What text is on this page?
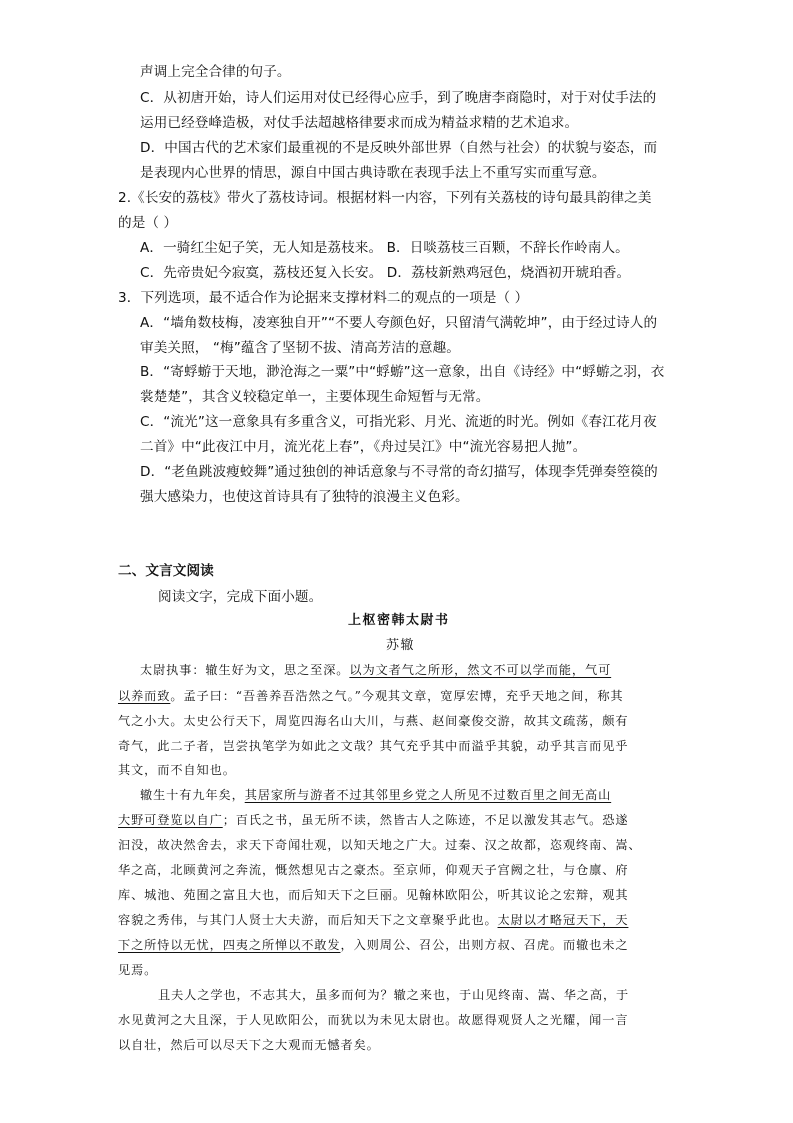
声调上完全合律的句子。
C．从初唐开始，诗人们运用对仗已经得心应手，到了晚唐李商隐时，对于对仗手法的
运用已经登峰造极，对仗手法超越格律要求而成为精益求精的艺术追求。
D．中国古代的艺术家们最重视的不是反映外部世界（自然与社会）的状貌与姿态，而
是表现内心世界的情思，源自中国古典诗歌在表现手法上不重写实而重写意。
2.《长安的荔枝》带火了荔枝诗词。根据材料一内容，下列有关荔枝的诗句最具韵律之美
的是（ ）
A．一骑红尘妃子笑，无人知是荔枝来。 B．日啖荔枝三百颗，不辞长作岭南人。
C．先帝贵妃今寂寞，荔枝还复入长安。 D．荔枝新熟鸡冠色，烧酒初开琥珀香。
3．下列选项，最不适合作为论据来支撑材料二的观点的一项是（ ）
A．“墙角数枝梅，凌寒独自开”“不要人夸颜色好，只留清气满乾坤”，由于经过诗人的
审美关照， “梅”蕴含了坚韧不拔、清高芳洁的意趣。
B．“寄蜉蝣于天地，渺沧海之一粟”中“蜉蝣”这一意象，出自《诗经》中“蜉蝣之羽，衣
裳楚楚”，其含义较稳定单一，主要体现生命短暂与无常。
C．“流光”这一意象具有多重含义，可指光彩、月光、流逝的时光。例如《春江花月夜
二首》中“此夜江中月，流光花上春”，《舟过吴江》中“流光容易把人抛”。
D．“老鱼跳波瘦蛟舞”通过独创的神话意象与不寻常的奇幻描写，体现李凭弹奏箜篌的
强大感染力，也使这首诗具有了独特的浪漫主义色彩。
二、文言文阅读
阅读文字，完成下面小题。
上枢密韩太尉书
苏辙
太尉执事：辙生好为文，思之至深。以为文者气之所形，然文不可以学而能，气可
以养而致。孟子曰：“吾善养吾浩然之气。”今观其文章，宽厚宏博，充乎天地之间，称其
气之小大。太史公行天下，周览四海名山大川，与燕、赵间豪俊交游，故其文疏荡，颇有
奇气，此二子者，岂尝执笔学为如此之文哉？其气充乎其中而溢乎其貌，动乎其言而见乎
其文，而不自知也。
辙生十有九年矣，其居家所与游者不过其邻里乡党之人所见不过数百里之间无高山
大野可登览以自广；百氏之书，虽无所不读，然皆古人之陈迹，不足以激发其志气。恐遂
汩没，故决然舍去，求天下奇闻壮观，以知天地之广大。过秦、汉之故都，恣观终南、嵩、
华之高，北顾黄河之奔流，慨然想见古之豪杰。至京师，仰观天子宫阙之壮，与仓廪、府
库、城池、苑囿之富且大也，而后知天下之巨丽。见翰林欧阳公，听其议论之宏辩，观其
容貌之秀伟，与其门人贤士大夫游，而后知天下之文章聚乎此也。太尉以才略冠天下，天
下之所恃以无忧，四夷之所惮以不敢发，入则周公、召公，出则方叔、召虎。而辙也未之
见焉。
且夫人之学也，不志其大，虽多而何为？辙之来也，于山见终南、嵩、华之高，于
水见黄河之大且深，于人见欧阳公，而犹以为未见太尉也。故愿得观贤人之光耀，闻一言
以自壮，然后可以尽天下之大观而无憾者矣。
